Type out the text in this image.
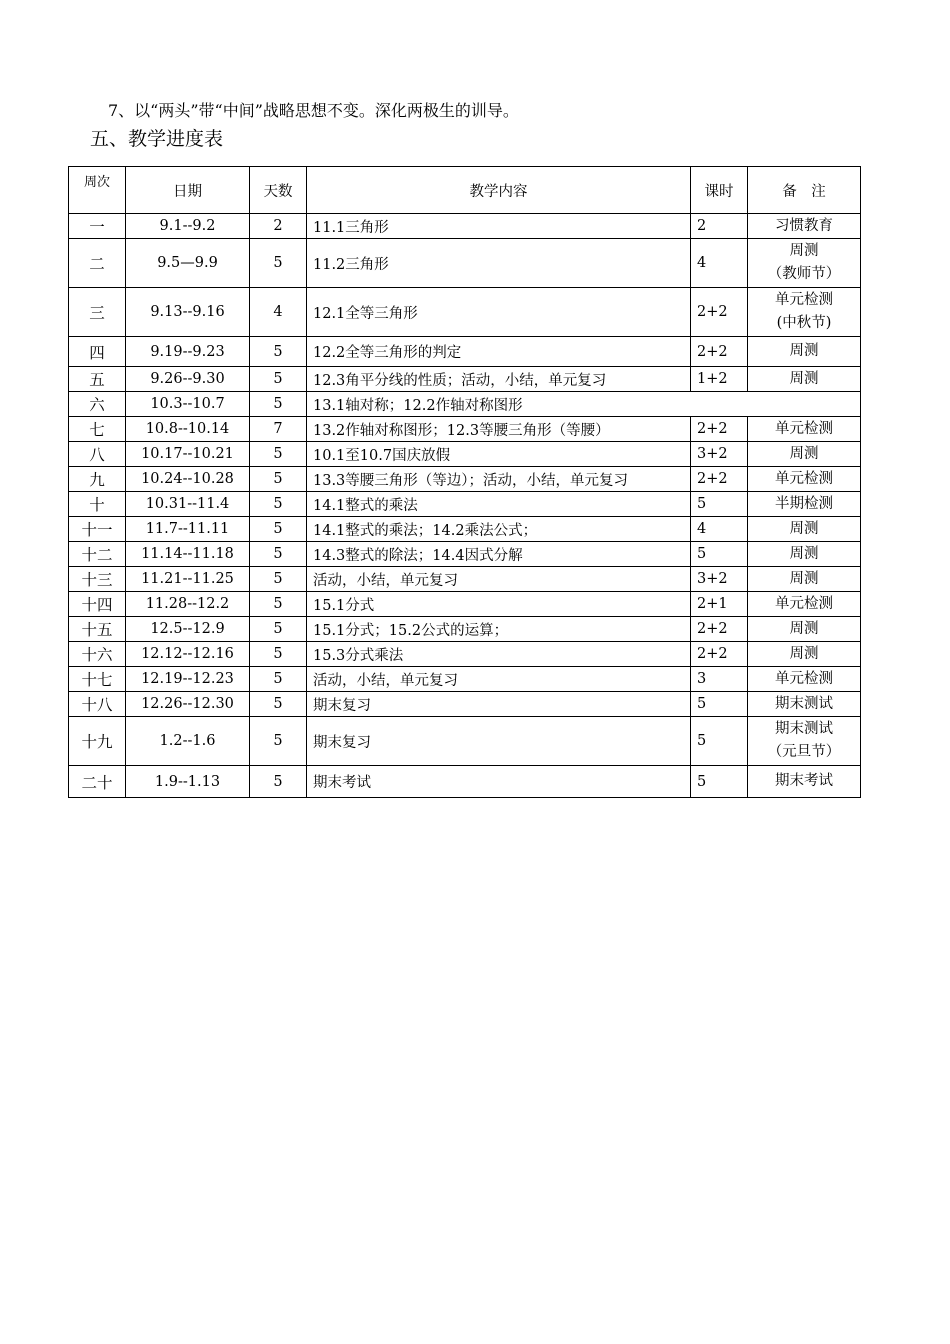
7、以“两头”带“中间”战略思想不变。深化两极生的训导。
五、教学进度表
周次	日期	天数	教学内容	课时	备　注
一	9.1--9.2	2	11.1三角形	2	习惯教育
二	9.5—9.9	5	11.2三角形	4	周测
（教师节）

三	9.13--9.16	4	12.1全等三角形	2+2	单元检测
(中秋节)

四	9.19--9.23	5	12.2全等三角形的判定	2+2	周测
五	9.26--9.30	5	12.3角平分线的性质；活动，小结，单元复习	1+2	周测
六	10.3--10.7	5	13.1轴对称；12.2作轴对称图形		
七	10.8--10.14	7	13.2作轴对称图形；12.3等腰三角形（等腰）	2+2	单元检测
八	10.17--10.21	5	10.1至10.7国庆放假	3+2	周测
九	10.24--10.28	5	13.3等腰三角形（等边）；活动，小结，单元复习	2+2	单元检测
十	10.31--11.4	5	14.1整式的乘法	5	半期检测
十一	11.7--11.11	5	14.1整式的乘法；14.2乘法公式；	4	周测
十二	11.14--11.18	5	14.3整式的除法；14.4因式分解	5	周测
十三	11.21--11.25	5	活动，小结，单元复习	3+2	周测
十四	11.28--12.2	5	15.1分式	2+1	单元检测
十五	12.5--12.9	5	15.1分式；15.2公式的运算；	2+2	周测
十六	12.12--12.16	5	15.3分式乘法	2+2	周测
十七	12.19--12.23	5	活动，小结，单元复习	3	单元检测
十八	12.26--12.30	5	期末复习	5	期末测试
十九	1.2--1.6	5	期末复习	5	期末测试
（元旦节）

二十	1.9--1.13	5	期末考试	5	期末考试
